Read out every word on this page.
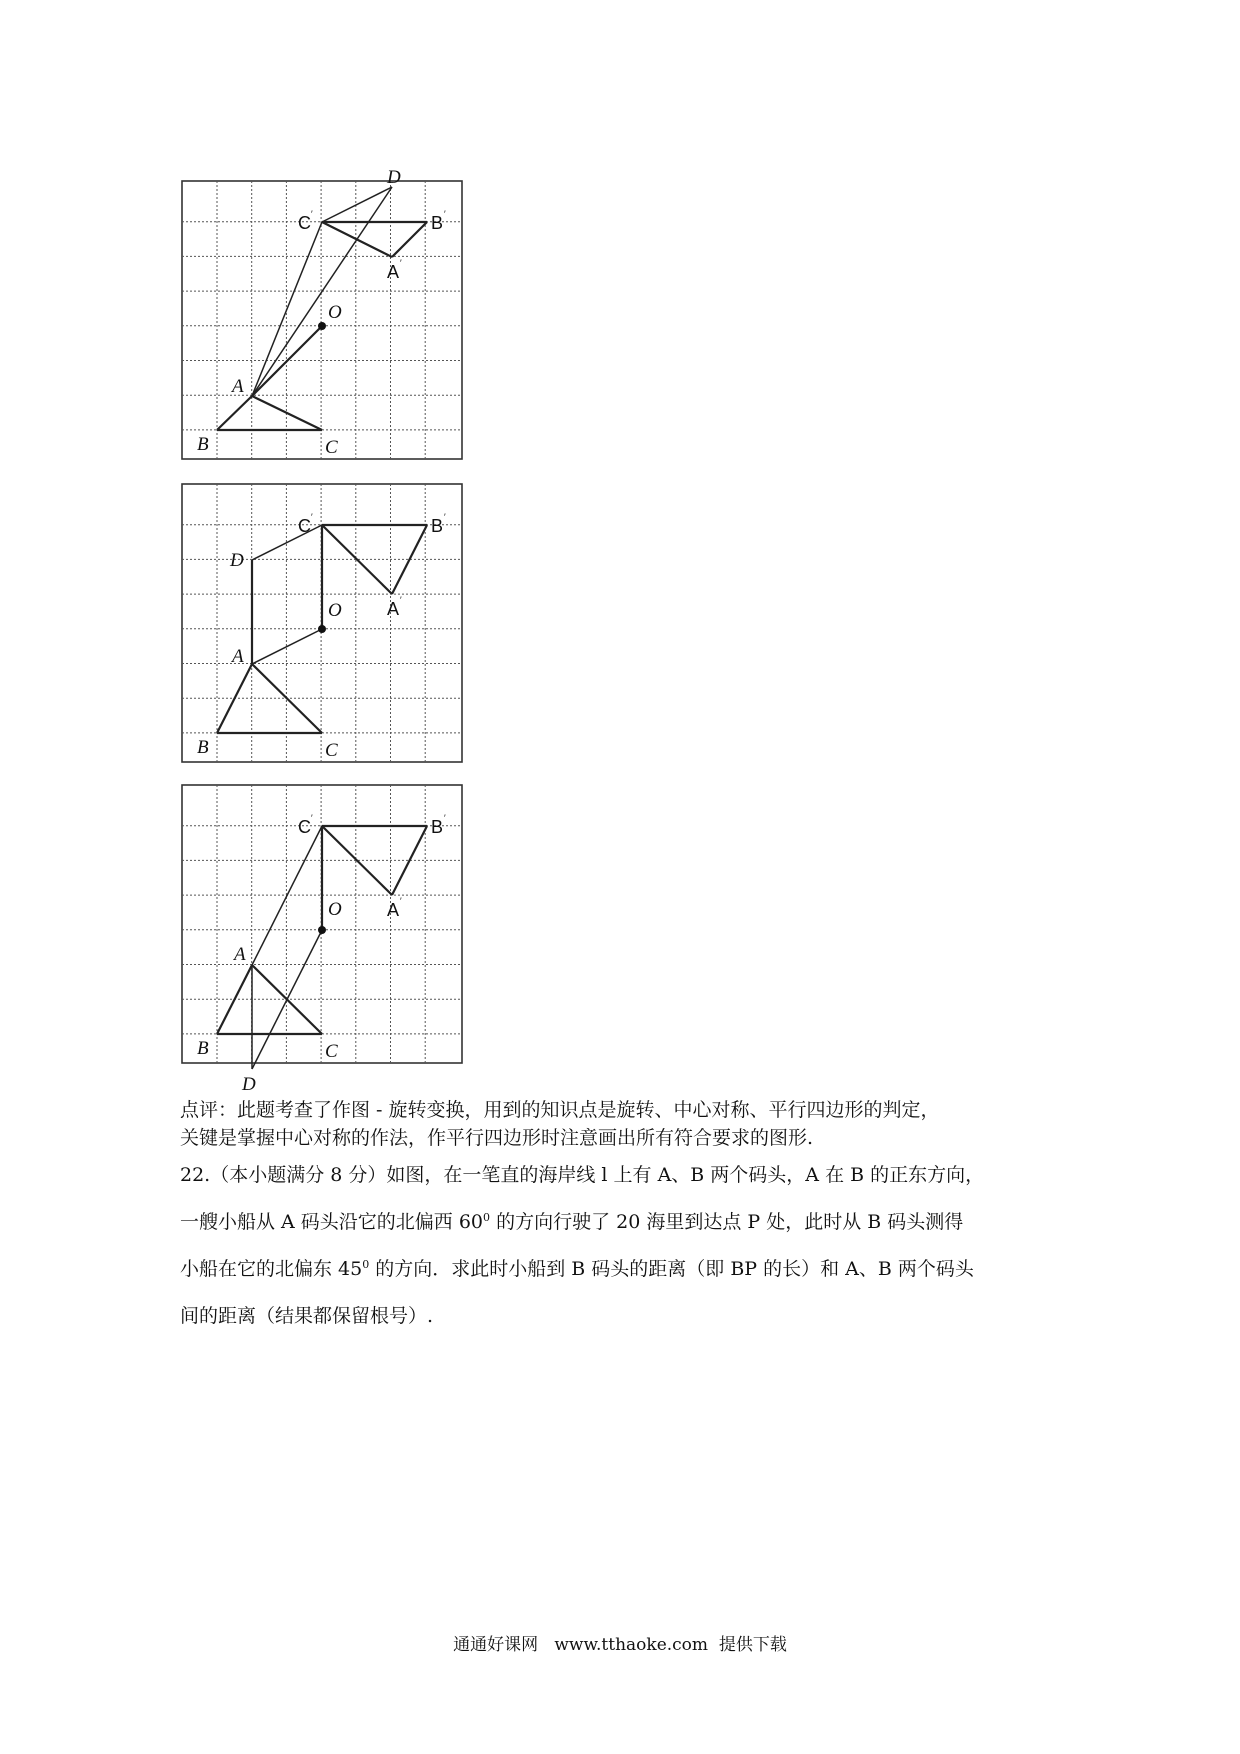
O
A
B	C
D
C ′	B ′
A ′
O
A
B	C
D
C ′	B ′
A ′
O
A
B	C
D
C ′	B ′
A ′
点评：此题考查了作图 - 旋转变换，用到的知识点是旋转、中心对称、平行四边形的判定，
关键是掌握中心对称的作法，作平行四边形时注意画出所有符合要求的图形.
22.（本小题满分 8 分）如图，在一笔直的海岸线 l 上有 A、B 两个码头，A 在 B 的正东方向，
一艘小船从 A 码头沿它的北偏西 $60^0$ 的方向行驶了 20 海里到达点 P 处，此时从 B 码头测得
小船在它的北偏东 $45^0$ 的方向．求此时小船到 B 码头的距离（即 BP 的长）和 A、B 两个码头
间的距离（结果都保留根号）.
通通好课网   www.tthaoke.com  提供下载
